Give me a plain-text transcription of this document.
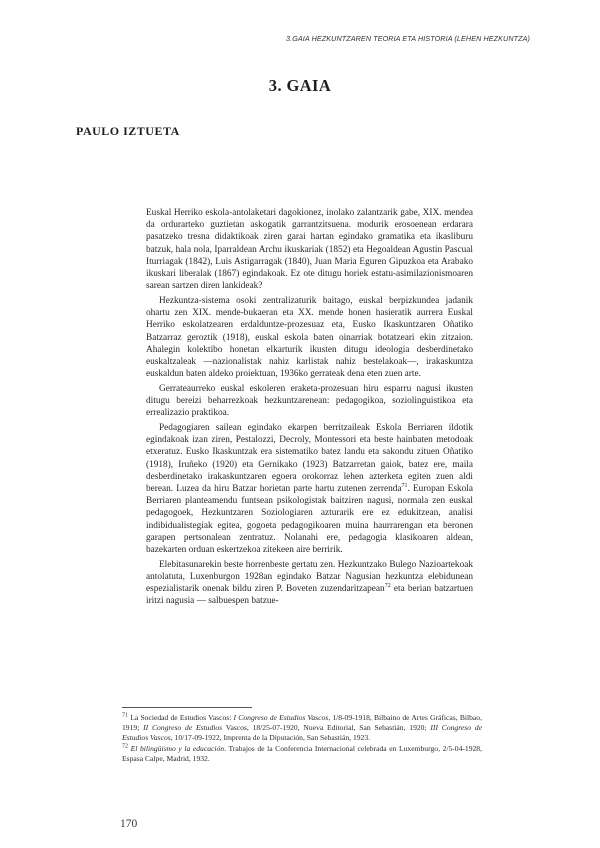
3.GAIA HEZKUNTZAREN TEORIA ETA HISTORIA (LEHEN HEZKUNTZA)
3. GAIA
PAULO IZTUETA

Euskal Herriko eskola-antolaketari dagokionez, inolako zalantzarik gabe, XIX. mendea da ordurarteko guztietan askogatik garrantzitsuena. modurik erosoenean erdarara pasatzeko tresna didaktikoak ziren garai hartan egindako gramatika eta ikasliburu batzuk, hala nola, Iparraldean Archu ikuskariak (1852) eta Hegoaldean Agustin Pascual Iturriagak (1842), Luis Astigarragak (1840), Juan Maria Eguren Gipuzkoa eta Arabako ikuskari liberalak (1867) egindakoak. Ez ote ditugu horiek estatu-asimilazionismoaren sarean sartzen diren lankideak?

Hezkuntza-sistema osoki zentralizaturik baitago, euskal berpizkundea jadanik ohartu zen XIX. mende-bukaeran eta XX. mende honen hasieratik aurrera Euskal Herriko eskolatzearen erdalduntze-prozesuaz eta, Eusko Ikaskuntzaren Oñatiko Batzarraz geroztik (1918), euskal eskola baten oinarriak botatzeari ekin zitzaion. Ahalegin kolektibo honetan elkarturik ikusten ditugu ideologia desberdinetako euskaltzaleak —nazionalistak nahiz karlistak nahiz bestelakoak—, irakaskuntza euskaldun baten aldeko proiektuan, 1936ko gerrateak dena eten zuen arte.

Gerrateaurreko euskal eskoleren eraketa-prozesuan hiru esparru nagusi ikusten ditugu bereizi beharrezkoak hezkuntzarenean: pedagogikoa, soziolinguistikoa eta errealizazio praktikoa.

Pedagogiaren sailean egindako ekarpen berritzaileak Eskola Berriaren ildotik egindakoak izan ziren, Pestalozzi, Decroly, Montessori eta beste hainbaten metodoak etxeratuz. Eusko Ikaskuntzak era sistematiko batez landu eta sakondu zituen Oñatiko (1918), Iruñeko (1920) eta Gernikako (1923) Batzarretan gaiok, batez ere, maila desberdinetako irakaskuntzaren egoera orokorraz lehen azterketa egiten zuen aldi berean. Luzea da hiru Batzar horietan parte hartu zutenen zerrenda$^{71}$. Europan Eskola Berriaren planteamendu funtsean psikologistak baitziren nagusi, normala zen euskal pedagogoek, Hezkuntzaren Soziologiaren azturarik ere ez edukitzean, analisi indibidualistegiak egitea, gogoeta pedagogikoaren muina haurrarengan eta beronen garapen pertsonalean zentratuz. Nolanahi ere, pedagogia klasikoaren aldean, bazekarten orduan eskertzekoa zitekeen aire berririk.

Elebitasunarekin beste horrenbeste gertatu zen. Hezkuntzako Bulego Nazioartekoak antolatuta, Luxenburgon 1928an egindako Batzar Nagusian hezkuntza elebidunean espezialistarik onenak bildu ziren P. Boveten zuzendaritzapean$^{72}$ eta berian batzartuen iritzi nagusia — salbuespen batzue-

$^{71}$ La Sociedad de Estudios Vascos: I Congreso de Estudios Vascos, 1/8-09-1918, Bilbaino de Artes Gráficas, Bilbao, 1919; II Congreso de Estudios Vascos, 18/25-07-1920, Nueva Editorial, San Sebastián, 1920; III Congreso de Estudios Vascos, 10/17-09-1922, Imprenta de la Diputación, San Sebastián, 1923.

$^{72}$ El bilingüismo y la educación. Trabajos de la Conferencia Internacional celebrada en Luxemburgo, 2/5-04-1928, Espasa Calpe, Madrid, 1932.

170
